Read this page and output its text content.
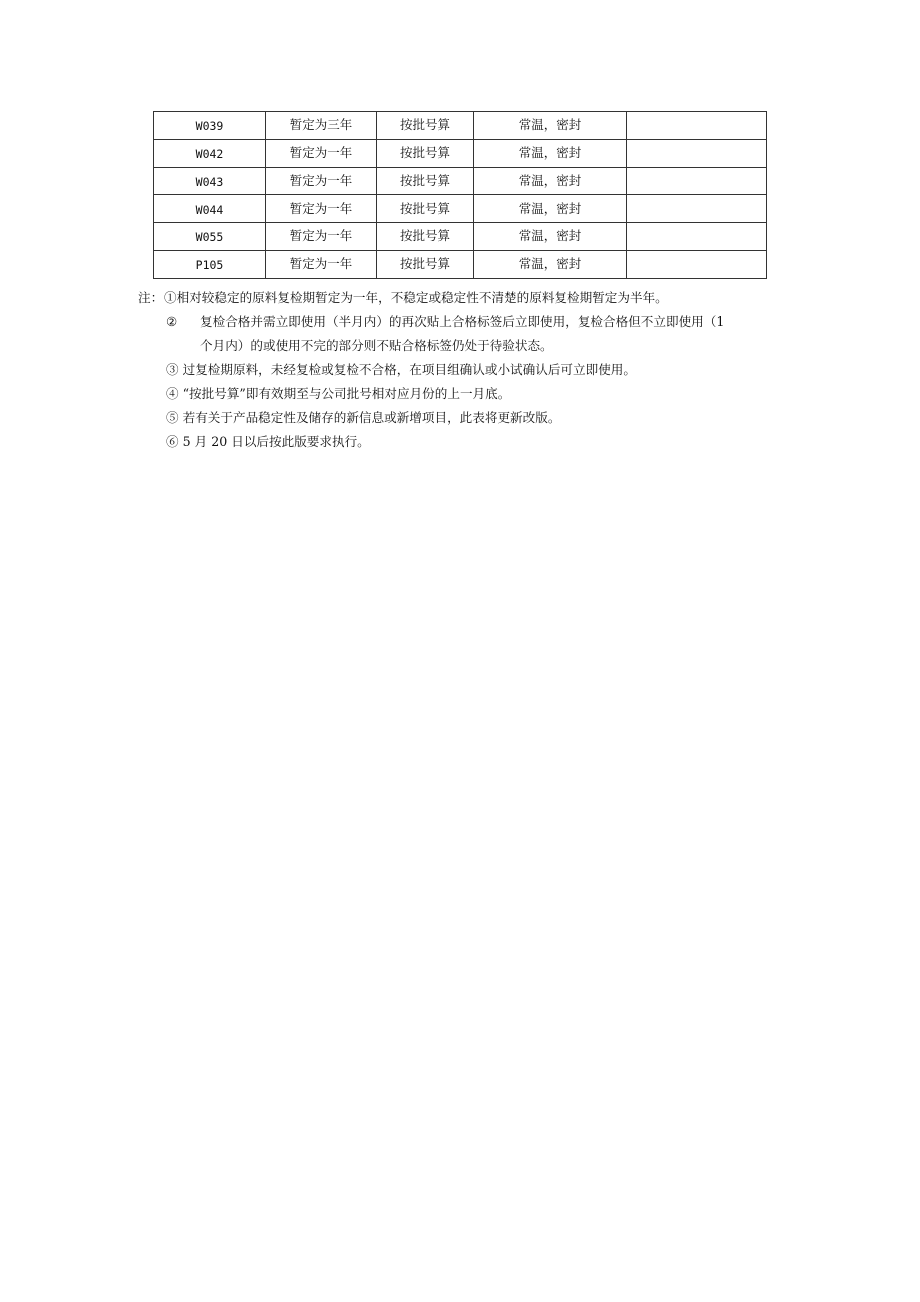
W039	暂定为三年	按批号算	常温，密封	
W042	暂定为一年	按批号算	常温，密封	
W043	暂定为一年	按批号算	常温，密封	
W044	暂定为一年	按批号算	常温，密封	
W055	暂定为一年	按批号算	常温，密封	
P105	暂定为一年	按批号算	常温，密封	
注： ①相对较稳定的原料复检期暂定为一年，不稳定或稳定性不清楚的原料复检期暂定为半年。
②	复检合格并需立即使用（半月内）的再次贴上合格标签后立即使用，复检合格但不立即使用（1
个月内）的或使用不完的部分则不贴合格标签仍处于待验状态。
③ 过复检期原料，未经复检或复检不合格，在项目组确认或小试确认后可立即使用。
④ “按批号算”即有效期至与公司批号相对应月份的上一月底。
⑤ 若有关于产品稳定性及储存的新信息或新增项目，此表将更新改版。
⑥ 5 月 20 日以后按此版要求执行。
